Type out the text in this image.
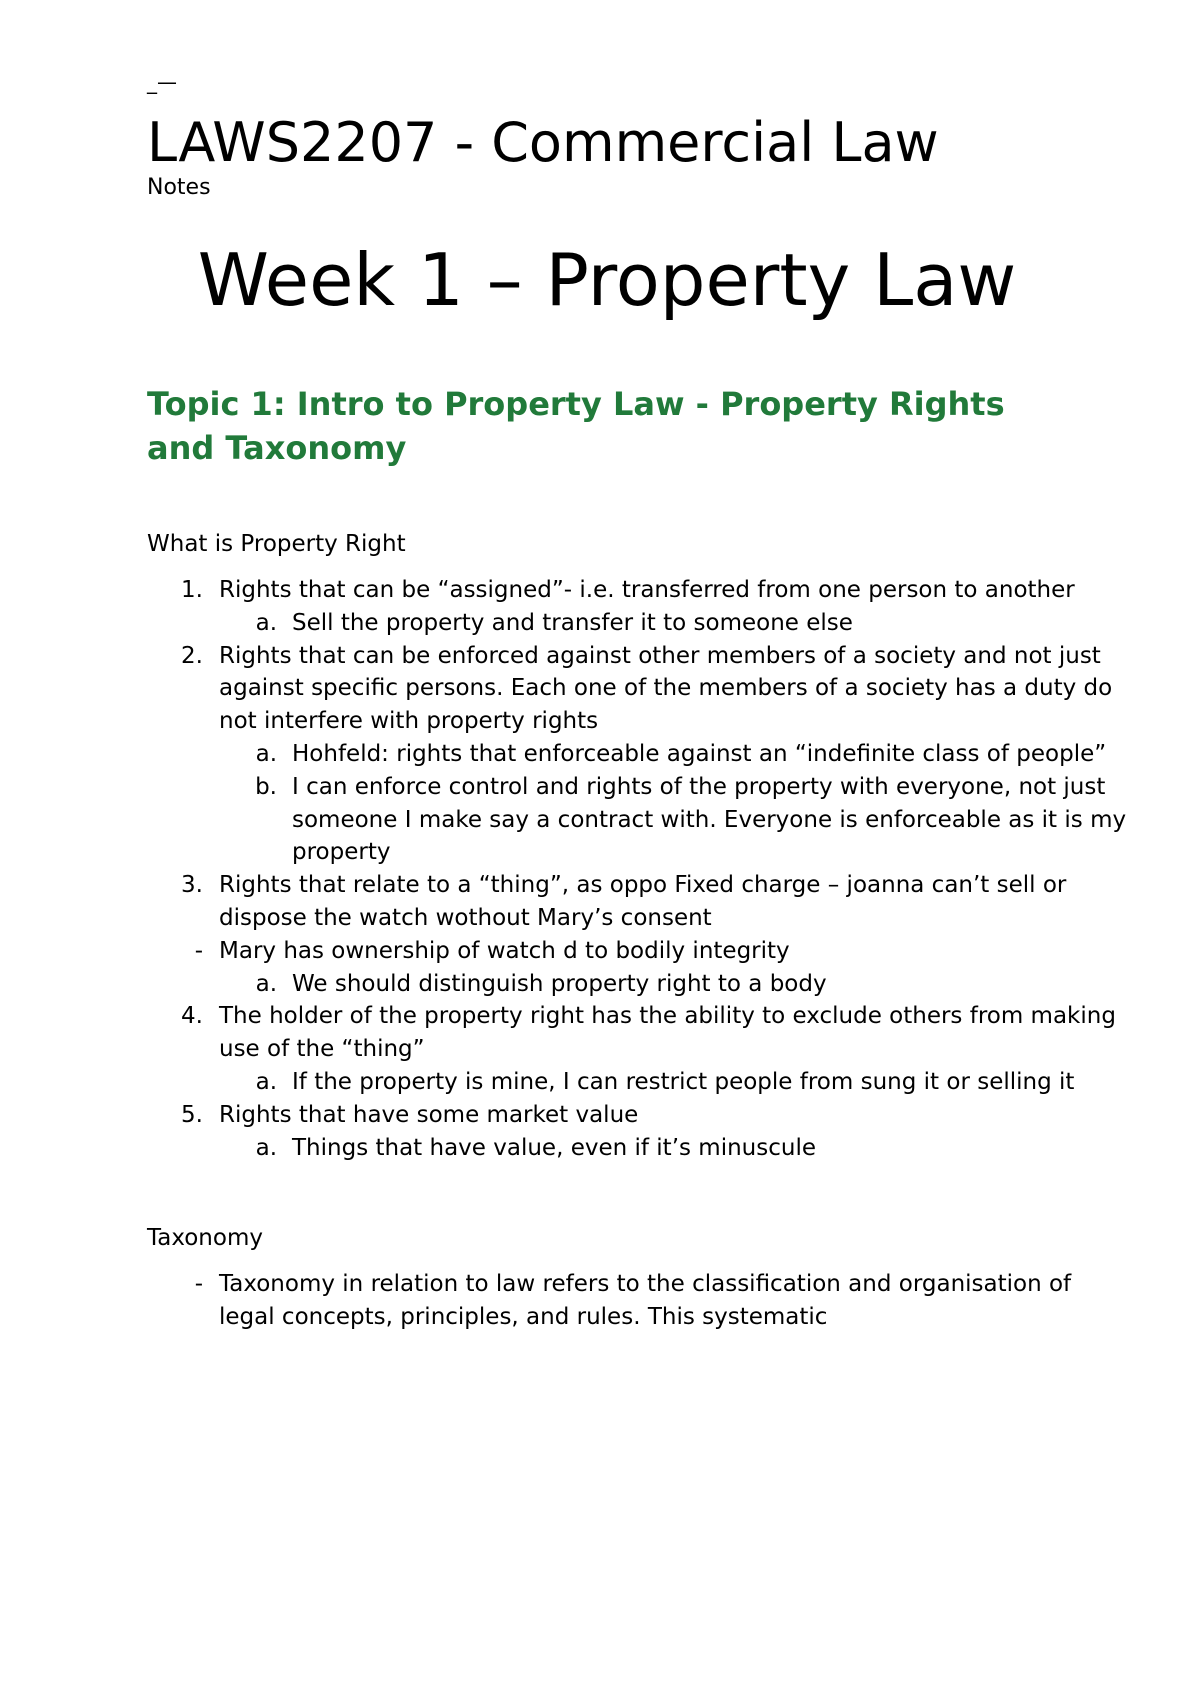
_—
LAWS2207 - Commercial Law
Notes
Week 1 – Property Law
Topic 1: Intro to Property Law - Property Rights and Taxonomy
What is Property Right
1. Rights that can be “assigned”- i.e. transferred from one person to another
a. Sell the property and transfer it to someone else
2. Rights that can be enforced against other members of a society and not just against specific persons. Each one of the members of a society has a duty do not interfere with property rights
a. Hohfeld: rights that enforceable against an “indefinite class of people”
b. I can enforce control and rights of the property with everyone, not just someone I make say a contract with. Everyone is enforceable as it is my property
3. Rights that relate to a “thing”, as oppo Fixed charge – joanna can’t sell or dispose the watch wothout Mary’s consent
- Mary has ownership of watch d to bodily integrity
a. We should distinguish property right to a body
4. The holder of the property right has the ability to exclude others from making use of the “thing”
a. If the property is mine, I can restrict people from sung it or selling it
5. Rights that have some market value
a. Things that have value, even if it’s minuscule
Taxonomy
- Taxonomy in relation to law refers to the classification and organisation of legal concepts, principles, and rules. This systematic
